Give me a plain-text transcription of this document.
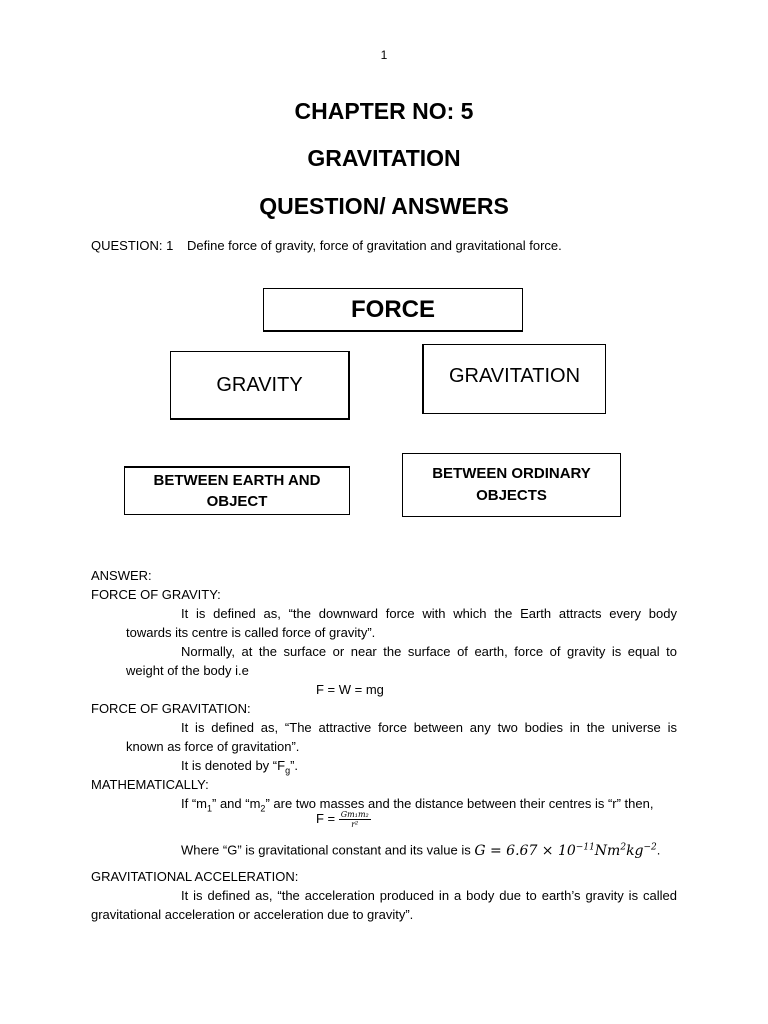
1
CHAPTER NO: 5
GRAVITATION
QUESTION/ ANSWERS
QUESTION: 1 Define force of gravity, force of gravitation and gravitational force.
FORCE
GRAVITY	GRAVITATION
BETWEEN EARTH AND OBJECT
BETWEEN ORDINARY OBJECTS
ANSWER:
FORCE OF GRAVITY:
It is defined as, “the downward force with which the Earth attracts every body
towards its centre is called force of gravity”.
Normally, at the surface or near the surface of earth, force of gravity is equal to
weight of the body i.e
F = W = mg
FORCE OF GRAVITATION:
It is defined as, “The attractive force between any two bodies in the universe is
known as force of gravitation”.
It is denoted by “$F_g$”.
MATHEMATICALLY:
If “$m_1$” and “$m_2$” are two masses and the distance between their centres is “r” then,
$F = \frac{\text{Gm₁m₂}}{\text{r²}}$
Where “G” is gravitational constant and its value is $G = 6.67 \times 10^{-11}Nm^2kg^{-2}$.
GRAVITATIONAL ACCELERATION:
It is defined as, “the acceleration produced in a body due to earth’s gravity is called
gravitational acceleration or acceleration due to gravity”.
